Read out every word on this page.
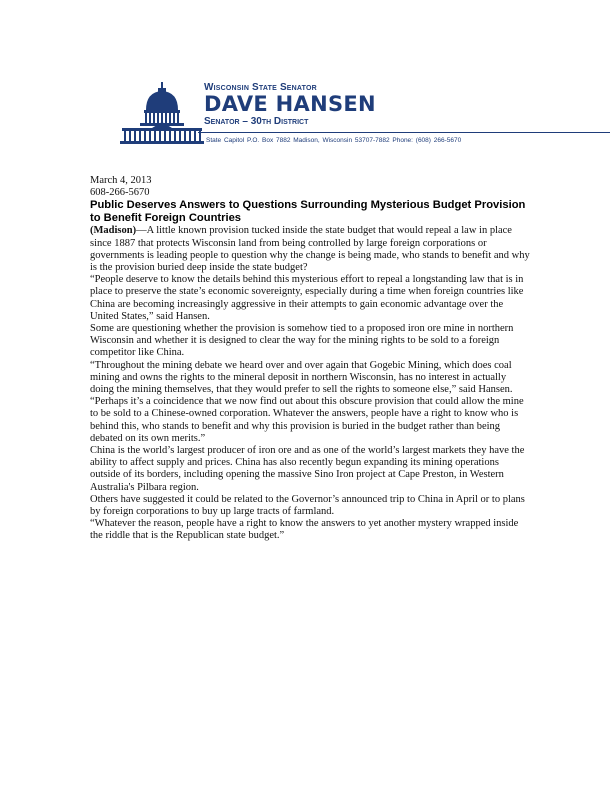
Wisconsin State Senator
DAVE HANSEN
Senator – 30th District
State Capitol P.O. Box 7882 Madison, Wisconsin 53707-7882 Phone: (608) 266-5670

March 4, 2013

608-266-5670

Public Deserves Answers to Questions Surrounding Mysterious Budget Provision to Benefit Foreign Countries

(Madison)—A little known provision tucked inside the state budget that would repeal a law in place since 1887 that protects Wisconsin land from being controlled by large foreign corporations or governments is leading people to question why the change is being made, who stands to benefit and why is the provision buried deep inside the state budget?

“People deserve to know the details behind this mysterious effort to repeal a longstanding law that is in place to preserve the state’s economic sovereignty, especially during a time when foreign countries like China are becoming increasingly aggressive in their attempts to gain economic advantage over the United States,” said Hansen.

Some are questioning whether the provision is somehow tied to a proposed iron ore mine in northern Wisconsin and whether it is designed to clear the way for the mining rights to be sold to a foreign competitor like China.

“Throughout the mining debate we heard over and over again that Gogebic Mining, which does coal mining and owns the rights to the mineral deposit in northern Wisconsin, has no interest in actually doing the mining themselves, that they would prefer to sell the rights to someone else,” said Hansen.

“Perhaps it’s a coincidence that we now find out about this obscure provision that could allow the mine to be sold to a Chinese-owned corporation. Whatever the answers, people have a right to know who is behind this, who stands to benefit and why this provision is buried in the budget rather than being debated on its own merits.”

China is the world’s largest producer of iron ore and as one of the world’s largest markets they have the ability to affect supply and prices. China has also recently begun expanding its mining operations outside of its borders, including opening the massive Sino Iron project at Cape Preston, in Western Australia's Pilbara region.

Others have suggested it could be related to the Governor’s announced trip to China in April or to plans by foreign corporations to buy up large tracts of farmland.

“Whatever the reason, people have a right to know the answers to yet another mystery wrapped inside the riddle that is the Republican state budget.”
